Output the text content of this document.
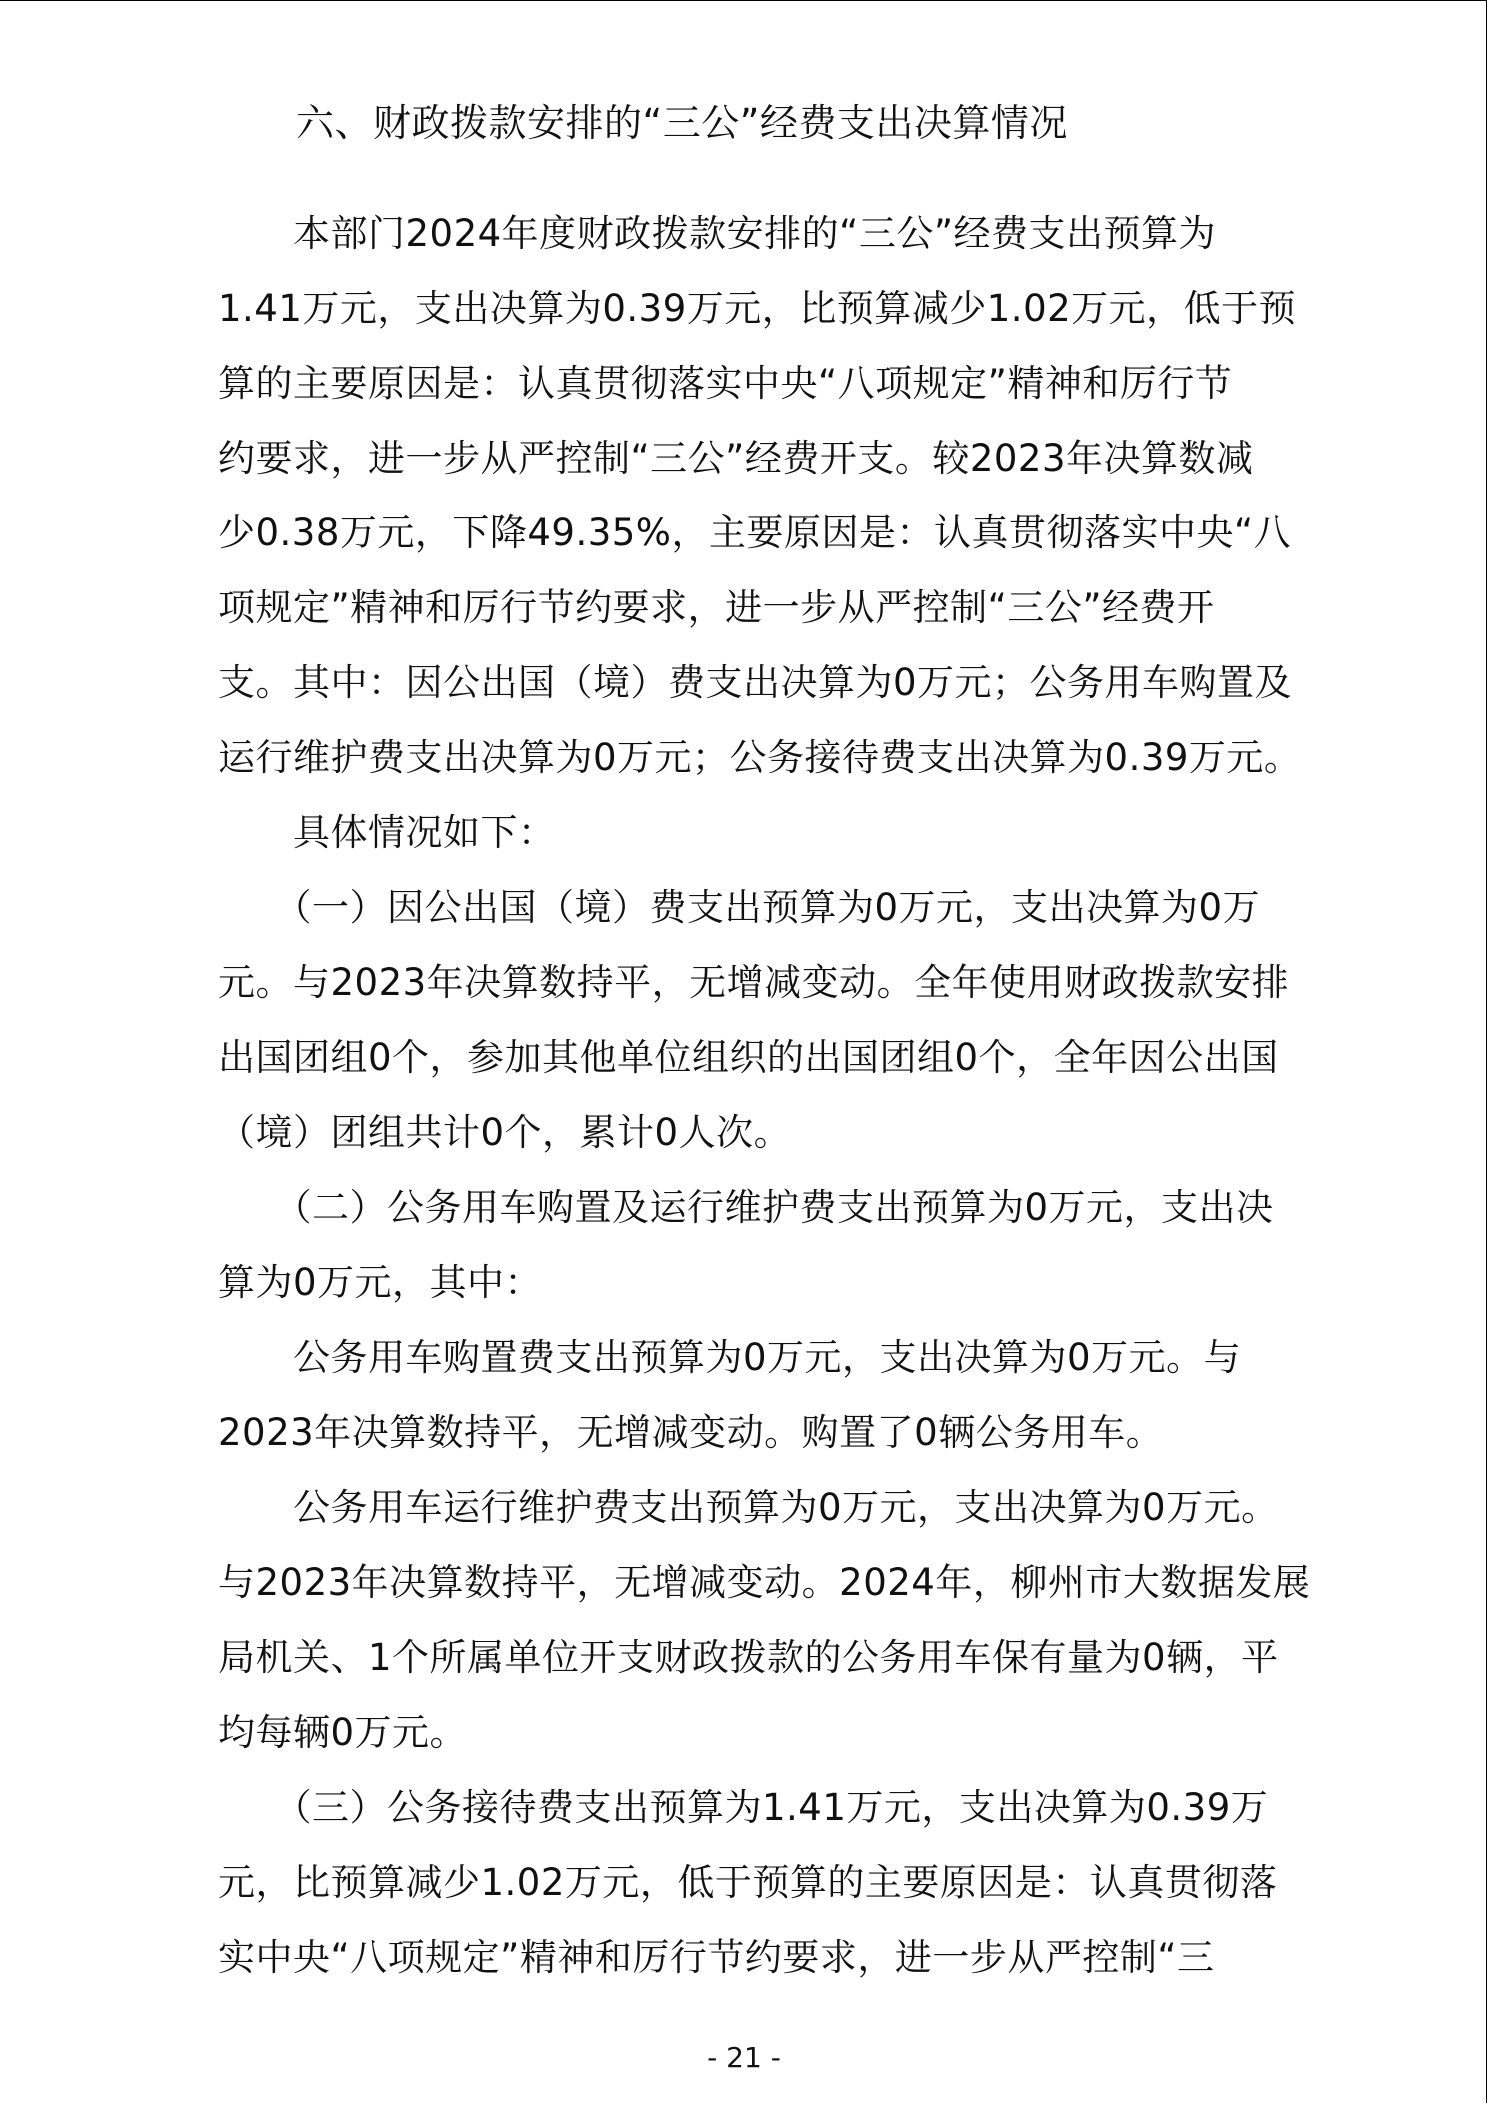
六、财政拨款安排的“三公”经费支出决算情况

　　本部门2024年度财政拨款安排的“三公”经费支出预算为

1.41万元，支出决算为0.39万元，比预算减少1.02万元，低于预

算的主要原因是：认真贯彻落实中央“八项规定”精神和厉行节

约要求，进一步从严控制“三公”经费开支。较2023年决算数减

少0.38万元，下降49.35%，主要原因是：认真贯彻落实中央“八

项规定”精神和厉行节约要求，进一步从严控制“三公”经费开

支。其中：因公出国（境）费支出决算为0万元；公务用车购置及

运行维护费支出决算为0万元；公务接待费支出决算为0.39万元。

　　具体情况如下：

　　（一）因公出国（境）费支出预算为0万元，支出决算为0万

元。与2023年决算数持平，无增减变动。全年使用财政拨款安排

出国团组0个，参加其他单位组织的出国团组0个，全年因公出国

（境）团组共计0个，累计0人次。

　　（二）公务用车购置及运行维护费支出预算为0万元，支出决

算为0万元，其中：

　　公务用车购置费支出预算为0万元，支出决算为0万元。与

2023年决算数持平，无增减变动。购置了0辆公务用车。

　　公务用车运行维护费支出预算为0万元，支出决算为0万元。

与2023年决算数持平，无增减变动。2024年，柳州市大数据发展

局机关、1个所属单位开支财政拨款的公务用车保有量为0辆，平

均每辆0万元。

　　（三）公务接待费支出预算为1.41万元，支出决算为0.39万

元，比预算减少1.02万元，低于预算的主要原因是：认真贯彻落

实中央“八项规定”精神和厉行节约要求，进一步从严控制“三

- 21 -
